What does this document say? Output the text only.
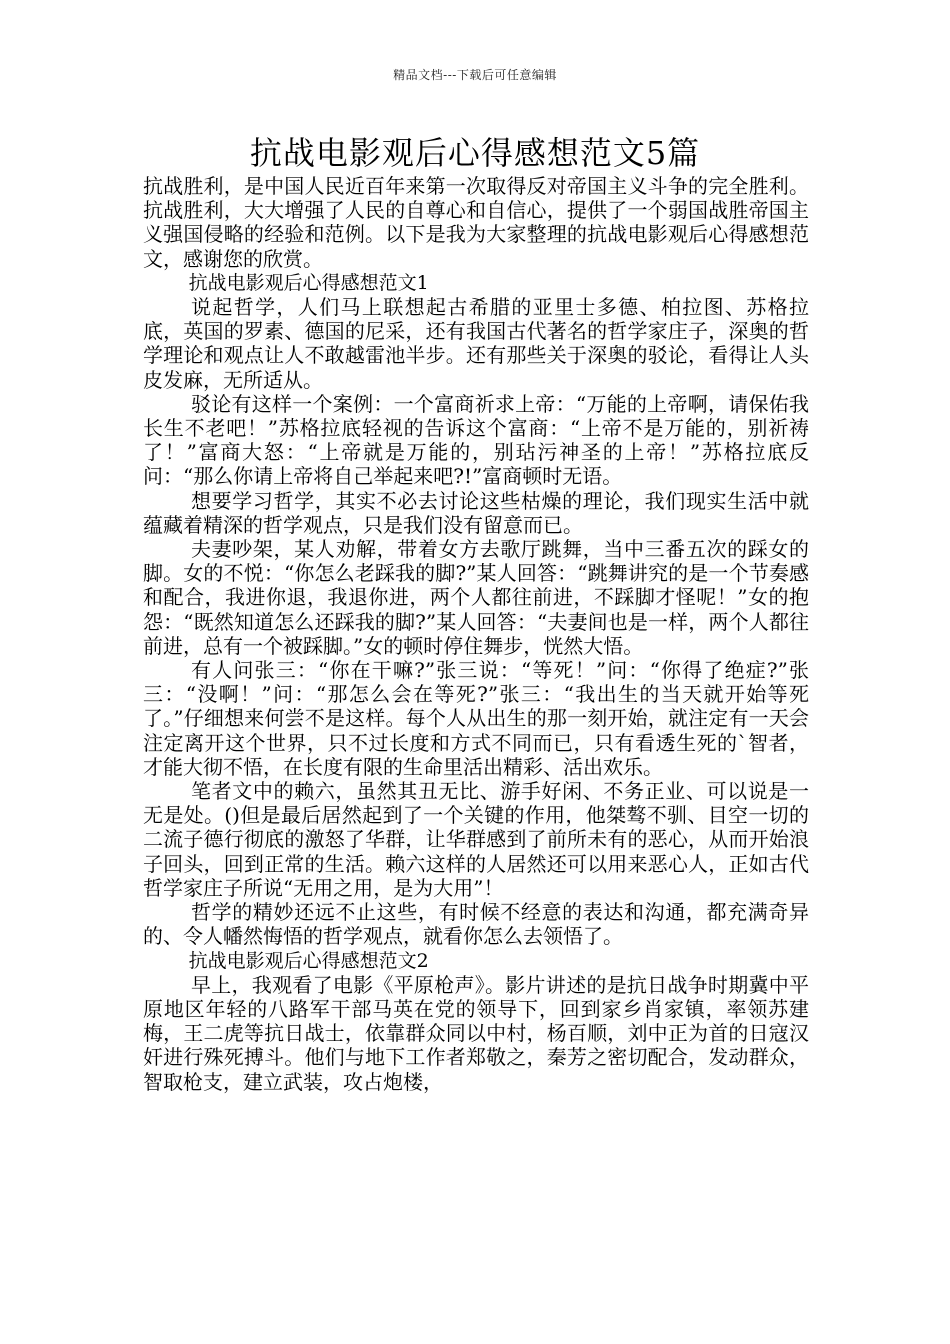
精品文档---下载后可任意编辑
抗战电影观后心得感想范文5篇

抗战胜利，是中国人民近百年来第一次取得反对帝国主义斗争的完全胜利。抗战胜利，大大增强了人民的自尊心和自信心，提供了一个弱国战胜帝国主义强国侵略的经验和范例。以下是我为大家整理的抗战电影观后心得感想范文，感谢您的欣赏。

抗战电影观后心得感想范文1

说起哲学，人们马上联想起古希腊的亚里士多德、柏拉图、苏格拉底，英国的罗素、德国的尼采，还有我国古代著名的哲学家庄子，深奥的哲学理论和观点让人不敢越雷池半步。还有那些关于深奥的驳论，看得让人头皮发麻，无所适从。

驳论有这样一个案例：一个富商祈求上帝：“万能的上帝啊，请保佑我长生不老吧！”苏格拉底轻视的告诉这个富商：“上帝不是万能的，别祈祷了！”富商大怒：“上帝就是万能的，别玷污神圣的上帝！”苏格拉底反问：“那么你请上帝将自己举起来吧?!”富商顿时无语。

想要学习哲学，其实不必去讨论这些枯燥的理论，我们现实生活中就蕴藏着精深的哲学观点，只是我们没有留意而已。

夫妻吵架，某人劝解，带着女方去歌厅跳舞，当中三番五次的踩女的脚。女的不悦：“你怎么老踩我的脚?”某人回答：“跳舞讲究的是一个节奏感和配合，我进你退，我退你进，两个人都往前进，不踩脚才怪呢！”女的抱怨：“既然知道怎么还踩我的脚?”某人回答：“夫妻间也是一样，两个人都往前进，总有一个被踩脚。”女的顿时停住舞步，恍然大悟。

有人问张三：“你在干嘛?”张三说：“等死！”问：“你得了绝症?”张三：“没啊！”问：“那怎么会在等死?”张三：“我出生的当天就开始等死了。”仔细想来何尝不是这样。每个人从出生的那一刻开始，就注定有一天会注定离开这个世界，只不过长度和方式不同而已，只有看透生死的`智者，才能大彻不悟，在长度有限的生命里活出精彩、活出欢乐。

笔者文中的赖六，虽然其丑无比、游手好闲、不务正业、可以说是一无是处。()但是最后居然起到了一个关键的作用，他桀骜不驯、目空一切的二流子德行彻底的激怒了华群，让华群感到了前所未有的恶心，从而开始浪子回头，回到正常的生活。赖六这样的人居然还可以用来恶心人，正如古代哲学家庄子所说“无用之用，是为大用”！

哲学的精妙还远不止这些，有时候不经意的表达和沟通，都充满奇异的、令人幡然悔悟的哲学观点，就看你怎么去领悟了。

抗战电影观后心得感想范文2

早上，我观看了电影《平原枪声》。影片讲述的是抗日战争时期冀中平原地区年轻的八路军干部马英在党的领导下，回到家乡肖家镇，率领苏建梅，王二虎等抗日战士，依靠群众同以中村，杨百顺，刘中正为首的日寇汉奸进行殊死搏斗。他们与地下工作者郑敬之，秦芳之密切配合，发动群众，智取枪支，建立武装，攻占炮楼，
